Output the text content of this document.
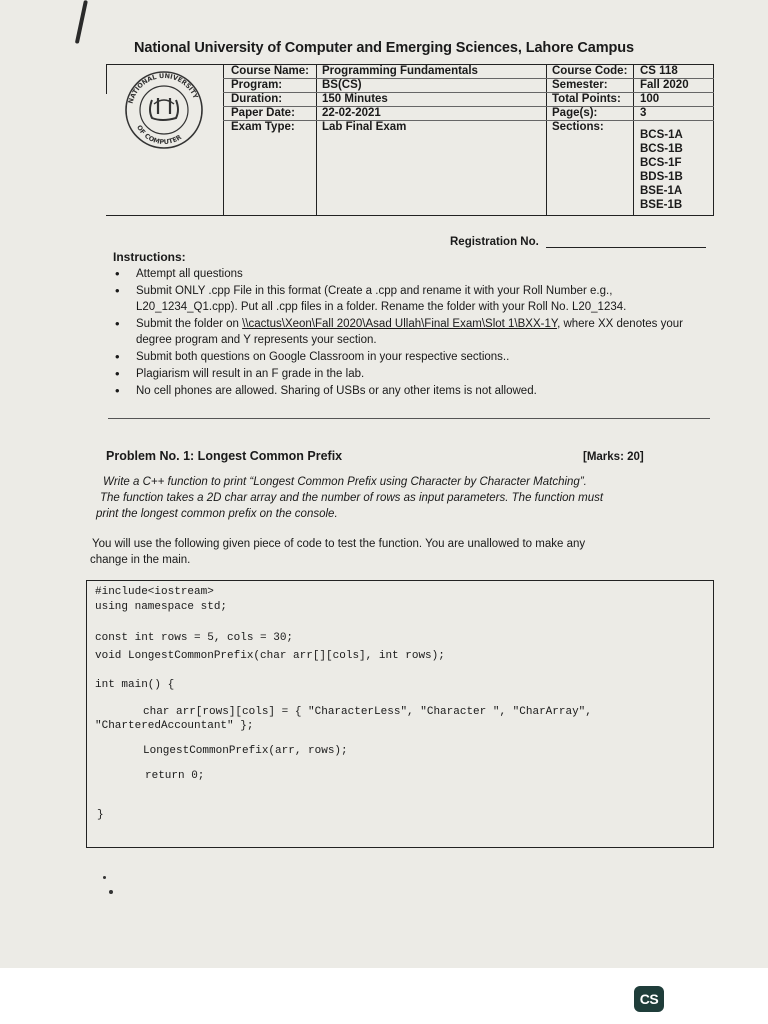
CS
National University of Computer and Emerging Sciences, Lahore Campus
NATIONAL UNIVERSITY
OF COMPUTER
Course Name:
Program:
Duration:
Paper Date:
Exam Type:
Programming Fundamentals
BS(CS)
150 Minutes
22-02-2021
Lab Final Exam
Course Code:
Semester:
Total Points:
Page(s):
Sections:
CS 118
Fall 2020
100
3
BCS-1A
BCS-1B
BCS-1F
BDS-1B
BSE-1A
BSE-1B
Registration No.
Instructions:
• Attempt all questions
• Submit ONLY .cpp File in this format (Create a .cpp and rename it with your Roll Number e.g., L20_1234_Q1.cpp). Put all .cpp files in a folder. Rename the folder with your Roll No. L20_1234.
• Submit the folder on \\cactus\Xeon\Fall 2020\Asad Ullah\Final Exam\Slot 1\BXX-1Y, where XX denotes your degree program and Y represents your section.
• Submit both questions on Google Classroom in your respective sections..
• Plagiarism will result in an F grade in the lab.
• No cell phones are allowed. Sharing of USBs or any other items is not allowed.
Problem No. 1: Longest Common Prefix	[Marks: 20]
Write a C++ function to print “Longest Common Prefix using Character by Character Matching”.
The function takes a 2D char array and the number of rows as input parameters. The function must
print the longest common prefix on the console.
You will use the following given piece of code to test the function. You are unallowed to make any
change in the main.
#include<iostream>
using namespace std;
const int rows = 5, cols = 30;
void LongestCommonPrefix(char arr[][cols], int rows);
int main() {
char arr[rows][cols] = { "CharacterLess", "Character ", "CharArray",
"CharteredAccountant" };
LongestCommonPrefix(arr, rows);
return 0;
}
